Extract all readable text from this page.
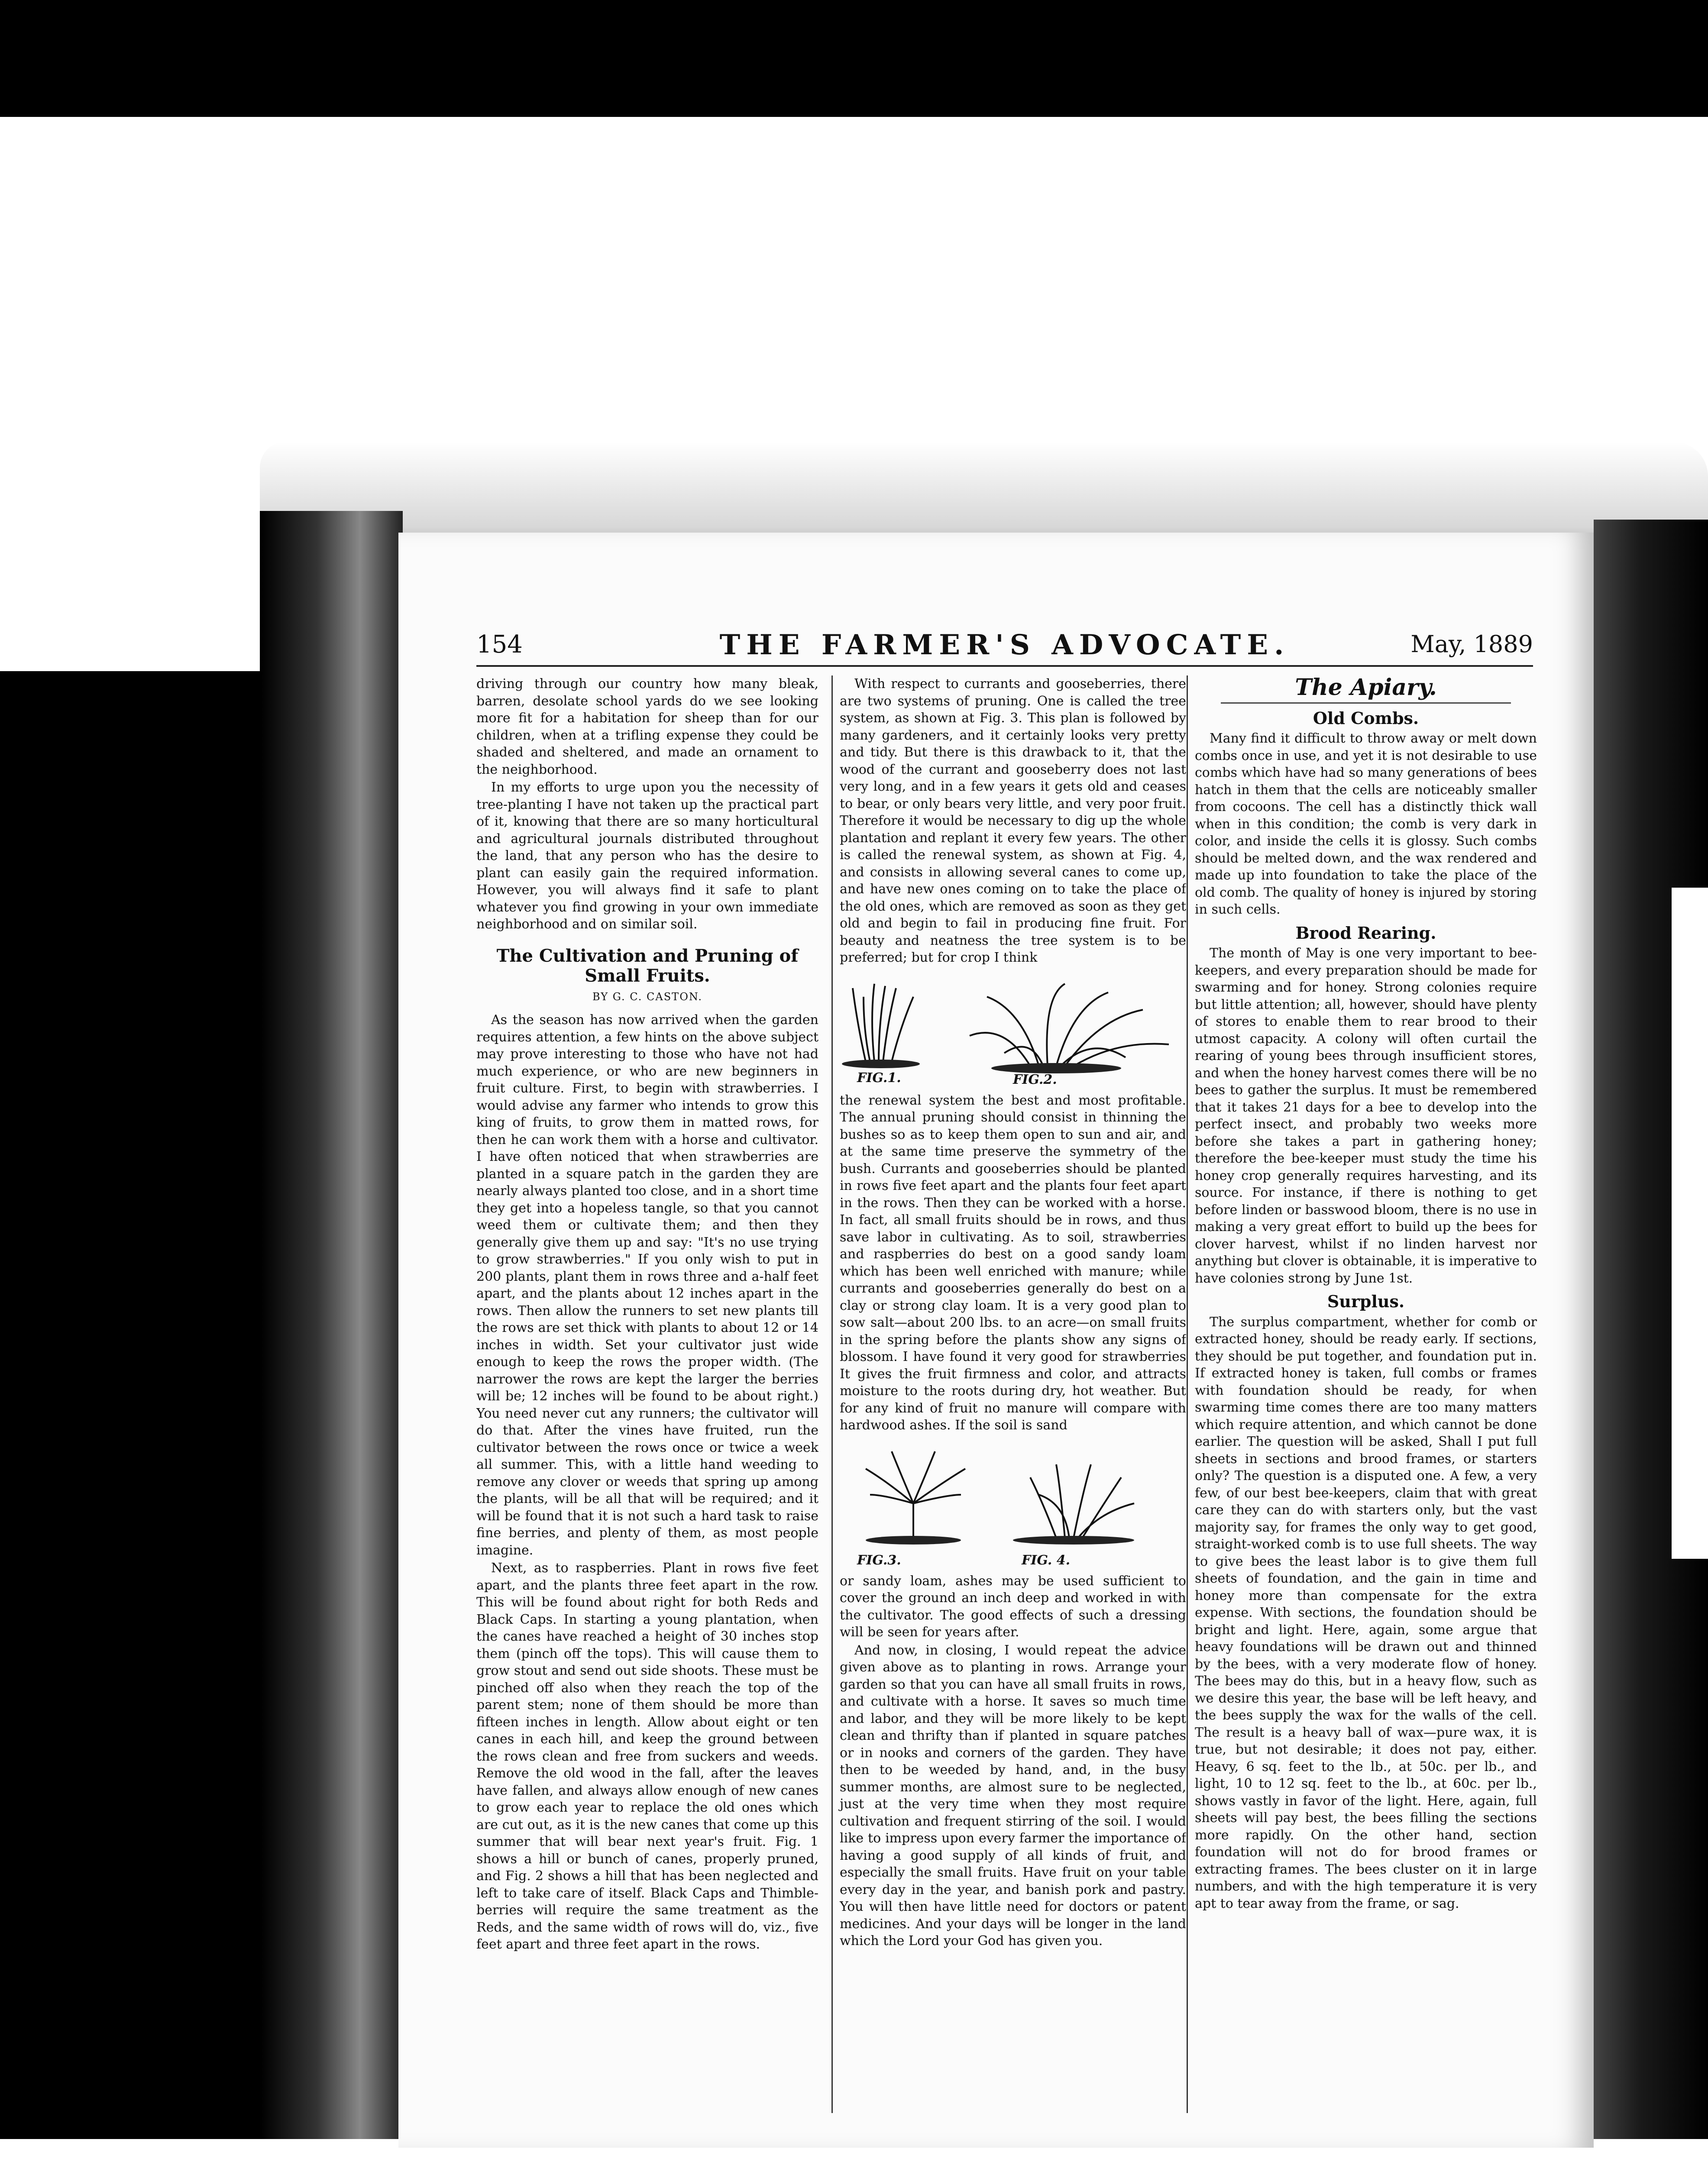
154	THE FARMER'S ADVOCATE.	May, 1889

driving through our country how many bleak, barren, desolate school yards do we see looking more fit for a habitation for sheep than for our children, when at a trifling expense they could be shaded and sheltered, and made an ornament to the neighborhood.

In my efforts to urge upon you the necessity of tree-planting I have not taken up the practical part of it, knowing that there are so many horticultural and agricultural journals distributed throughout the land, that any person who has the desire to plant can easily gain the required information. However, you will always find it safe to plant whatever you find growing in your own immediate neighborhood and on similar soil.

The Cultivation and Pruning of Small Fruits.
BY G. C. CASTON.

As the season has now arrived when the garden requires attention, a few hints on the above subject may prove interesting to those who have not had much experience, or who are new beginners in fruit culture. First, to begin with strawberries. I would advise any farmer who intends to grow this king of fruits, to grow them in matted rows, for then he can work them with a horse and cultivator. I have often noticed that when strawberries are planted in a square patch in the garden they are nearly always planted too close, and in a short time they get into a hopeless tangle, so that you cannot weed them or cultivate them; and then they generally give them up and say: "It's no use trying to grow strawberries." If you only wish to put in 200 plants, plant them in rows three and a-half feet apart, and the plants about 12 inches apart in the rows. Then allow the runners to set new plants till the rows are set thick with plants to about 12 or 14 inches in width. Set your cultivator just wide enough to keep the rows the proper width. (The narrower the rows are kept the larger the berries will be; 12 inches will be found to be about right.) You need never cut any runners; the cultivator will do that. After the vines have fruited, run the cultivator between the rows once or twice a week all summer. This, with a little hand weeding to remove any clover or weeds that spring up among the plants, will be all that will be required; and it will be found that it is not such a hard task to raise fine berries, and plenty of them, as most people imagine.

Next, as to raspberries. Plant in rows five feet apart, and the plants three feet apart in the row. This will be found about right for both Reds and Black Caps. In starting a young plantation, when the canes have reached a height of 30 inches stop them (pinch off the tops). This will cause them to grow stout and send out side shoots. These must be pinched off also when they reach the top of the parent stem; none of them should be more than fifteen inches in length. Allow about eight or ten canes in each hill, and keep the ground between the rows clean and free from suckers and weeds. Remove the old wood in the fall, after the leaves have fallen, and always allow enough of new canes to grow each year to replace the old ones which are cut out, as it is the new canes that come up this summer that will bear next year's fruit. Fig. 1 shows a hill or bunch of canes, properly pruned, and Fig. 2 shows a hill that has been neglected and left to take care of itself. Black Caps and Thimble-berries will require the same treatment as the Reds, and the same width of rows will do, viz., five feet apart and three feet apart in the rows.

With respect to currants and gooseberries, there are two systems of pruning. One is called the tree system, as shown at Fig. 3. This plan is followed by many gardeners, and it certainly looks very pretty and tidy. But there is this drawback to it, that the wood of the currant and gooseberry does not last very long, and in a few years it gets old and ceases to bear, or only bears very little, and very poor fruit. Therefore it would be necessary to dig up the whole plantation and replant it every few years. The other is called the renewal system, as shown at Fig. 4, and consists in allowing several canes to come up, and have new ones coming on to take the place of the old ones, which are removed as soon as they get old and begin to fail in producing fine fruit. For beauty and neatness the tree system is to be preferred; but for crop I think

FIG.1.	FIG.2.

the renewal system the best and most profitable. The annual pruning should consist in thinning the bushes so as to keep them open to sun and air, and at the same time preserve the symmetry of the bush. Currants and gooseberries should be planted in rows five feet apart and the plants four feet apart in the rows. Then they can be worked with a horse. In fact, all small fruits should be in rows, and thus save labor in cultivating. As to soil, strawberries and raspberries do best on a good sandy loam which has been well enriched with manure; while currants and gooseberries generally do best on a clay or strong clay loam. It is a very good plan to sow salt—about 200 lbs. to an acre—on small fruits in the spring before the plants show any signs of blossom. I have found it very good for strawberries It gives the fruit firmness and color, and attracts moisture to the roots during dry, hot weather. But for any kind of fruit no manure will compare with hardwood ashes. If the soil is sand

FIG.3.	FIG. 4.

or sandy loam, ashes may be used sufficient to cover the ground an inch deep and worked in with the cultivator. The good effects of such a dressing will be seen for years after.

And now, in closing, I would repeat the advice given above as to planting in rows. Arrange your garden so that you can have all small fruits in rows, and cultivate with a horse. It saves so much time and labor, and they will be more likely to be kept clean and thrifty than if planted in square patches or in nooks and corners of the garden. They have then to be weeded by hand, and, in the busy summer months, are almost sure to be neglected, just at the very time when they most require cultivation and frequent stirring of the soil. I would like to impress upon every farmer the importance of having a good supply of all kinds of fruit, and especially the small fruits. Have fruit on your table every day in the year, and banish pork and pastry. You will then have little need for doctors or patent medicines. And your days will be longer in the land which the Lord your God has given you.

The Apiary.
Old Combs.

Many find it difficult to throw away or melt down combs once in use, and yet it is not desirable to use combs which have had so many generations of bees hatch in them that the cells are noticeably smaller from cocoons. The cell has a distinctly thick wall when in this condition; the comb is very dark in color, and inside the cells it is glossy. Such combs should be melted down, and the wax rendered and made up into foundation to take the place of the old comb. The quality of honey is injured by storing in such cells.

Brood Rearing.

The month of May is one very important to bee-keepers, and every preparation should be made for swarming and for honey. Strong colonies require but little attention; all, however, should have plenty of stores to enable them to rear brood to their utmost capacity. A colony will often curtail the rearing of young bees through insufficient stores, and when the honey harvest comes there will be no bees to gather the surplus. It must be remembered that it takes 21 days for a bee to develop into the perfect insect, and probably two weeks more before she takes a part in gathering honey; therefore the bee-keeper must study the time his honey crop generally requires harvesting, and its source. For instance, if there is nothing to get before linden or basswood bloom, there is no use in making a very great effort to build up the bees for clover harvest, whilst if no linden harvest nor anything but clover is obtainable, it is imperative to have colonies strong by June 1st.

Surplus.

The surplus compartment, whether for comb or extracted honey, should be ready early. If sections, they should be put together, and foundation put in. If extracted honey is taken, full combs or frames with foundation should be ready, for when swarming time comes there are too many matters which require attention, and which cannot be done earlier. The question will be asked, Shall I put full sheets in sections and brood frames, or starters only? The question is a disputed one. A few, a very few, of our best bee-keepers, claim that with great care they can do with starters only, but the vast majority say, for frames the only way to get good, straight-worked comb is to use full sheets. The way to give bees the least labor is to give them full sheets of foundation, and the gain in time and honey more than compensate for the extra expense. With sections, the foundation should be bright and light. Here, again, some argue that heavy foundations will be drawn out and thinned by the bees, with a very moderate flow of honey. The bees may do this, but in a heavy flow, such as we desire this year, the base will be left heavy, and the bees supply the wax for the walls of the cell. The result is a heavy ball of wax—pure wax, it is true, but not desirable; it does not pay, either. Heavy, 6 sq. feet to the lb., at 50c. per lb., and light, 10 to 12 sq. feet to the lb., at 60c. per lb., shows vastly in favor of the light. Here, again, full sheets will pay best, the bees filling the sections more rapidly. On the other hand, section foundation will not do for brood frames or extracting frames. The bees cluster on it in large numbers, and with the high temperature it is very apt to tear away from the frame, or sag.
